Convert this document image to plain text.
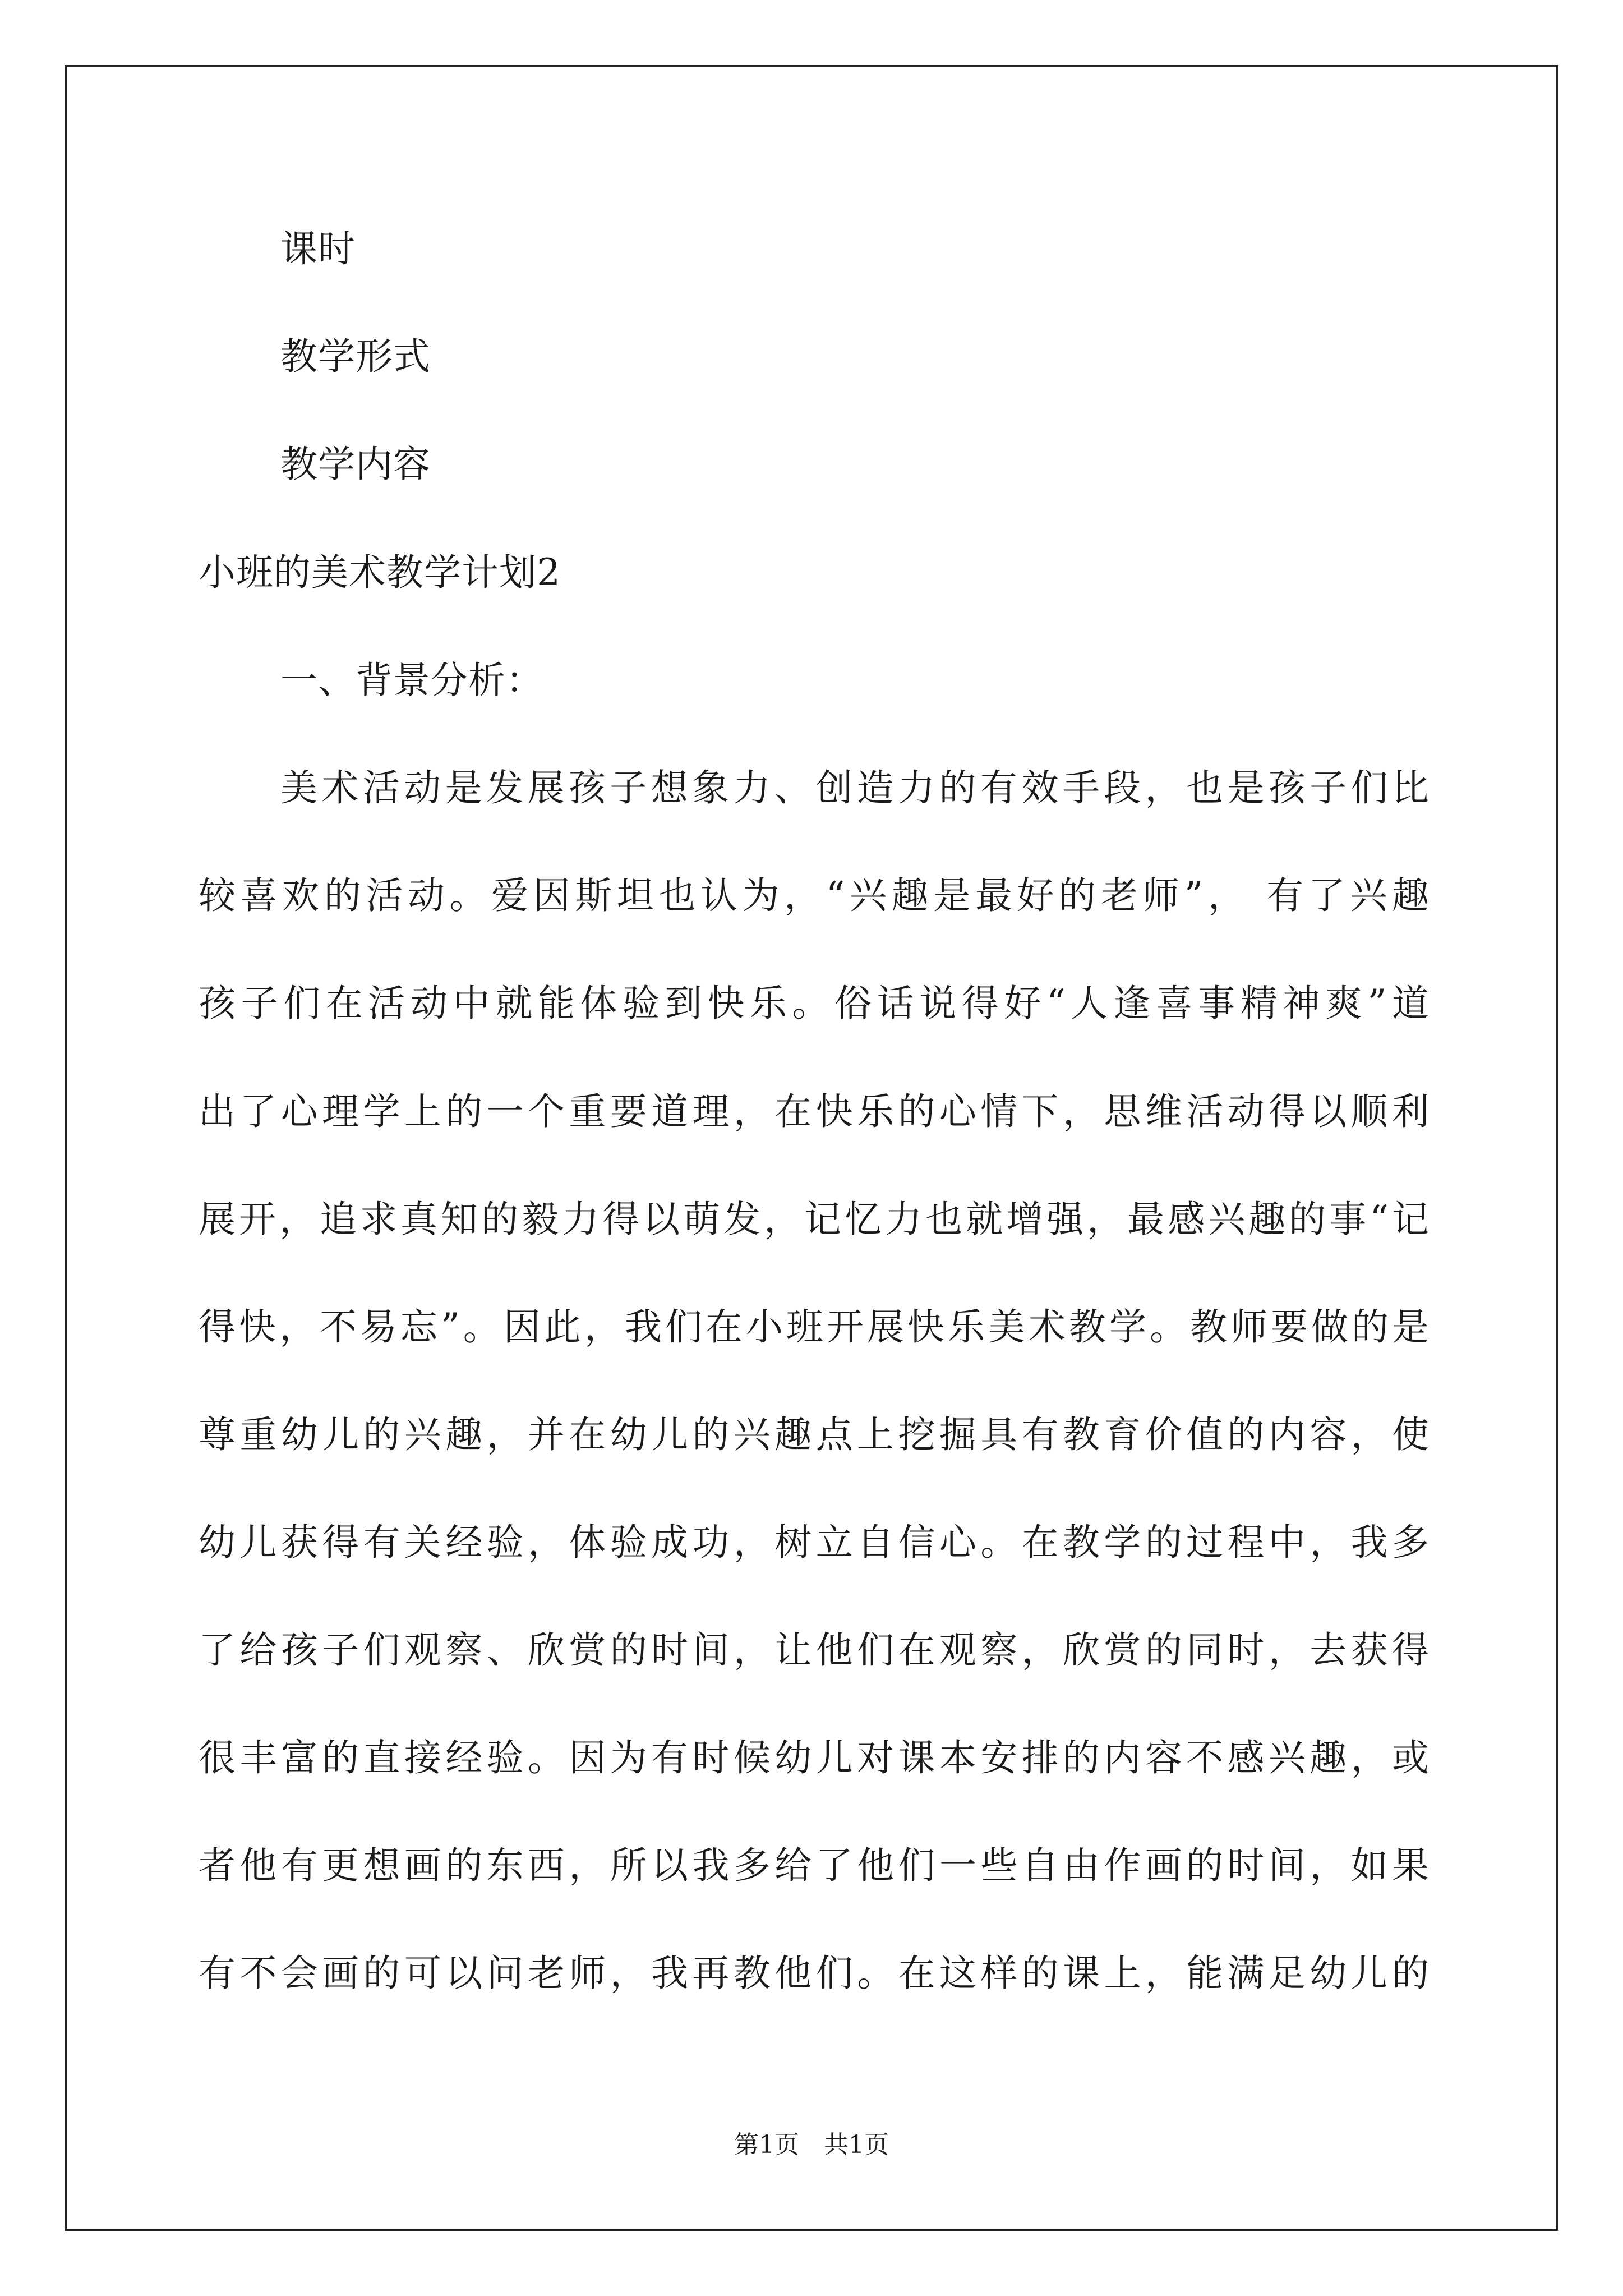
课时
教学形式
教学内容
小班的美术教学计划2
一、背景分析：
美术活动是发展孩子想象力、创造力的有效手段，也是孩子们比
较喜欢的活动。爱因斯坦也认为，“兴趣是最好的老师”， 有了兴趣
孩子们在活动中就能体验到快乐。俗话说得好“人逢喜事精神爽”道
出了心理学上的一个重要道理，在快乐的心情下，思维活动得以顺利
展开，追求真知的毅力得以萌发，记忆力也就增强，最感兴趣的事“记
得快，不易忘”。因此，我们在小班开展快乐美术教学。教师要做的是
尊重幼儿的兴趣，并在幼儿的兴趣点上挖掘具有教育价值的内容，使
幼儿获得有关经验，体验成功，树立自信心。在教学的过程中，我多
了给孩子们观察、欣赏的时间，让他们在观察，欣赏的同时，去获得
很丰富的直接经验。因为有时候幼儿对课本安排的内容不感兴趣，或
者他有更想画的东西，所以我多给了他们一些自由作画的时间，如果
有不会画的可以问老师，我再教他们。在这样的课上，能满足幼儿的
第1页　共1页
